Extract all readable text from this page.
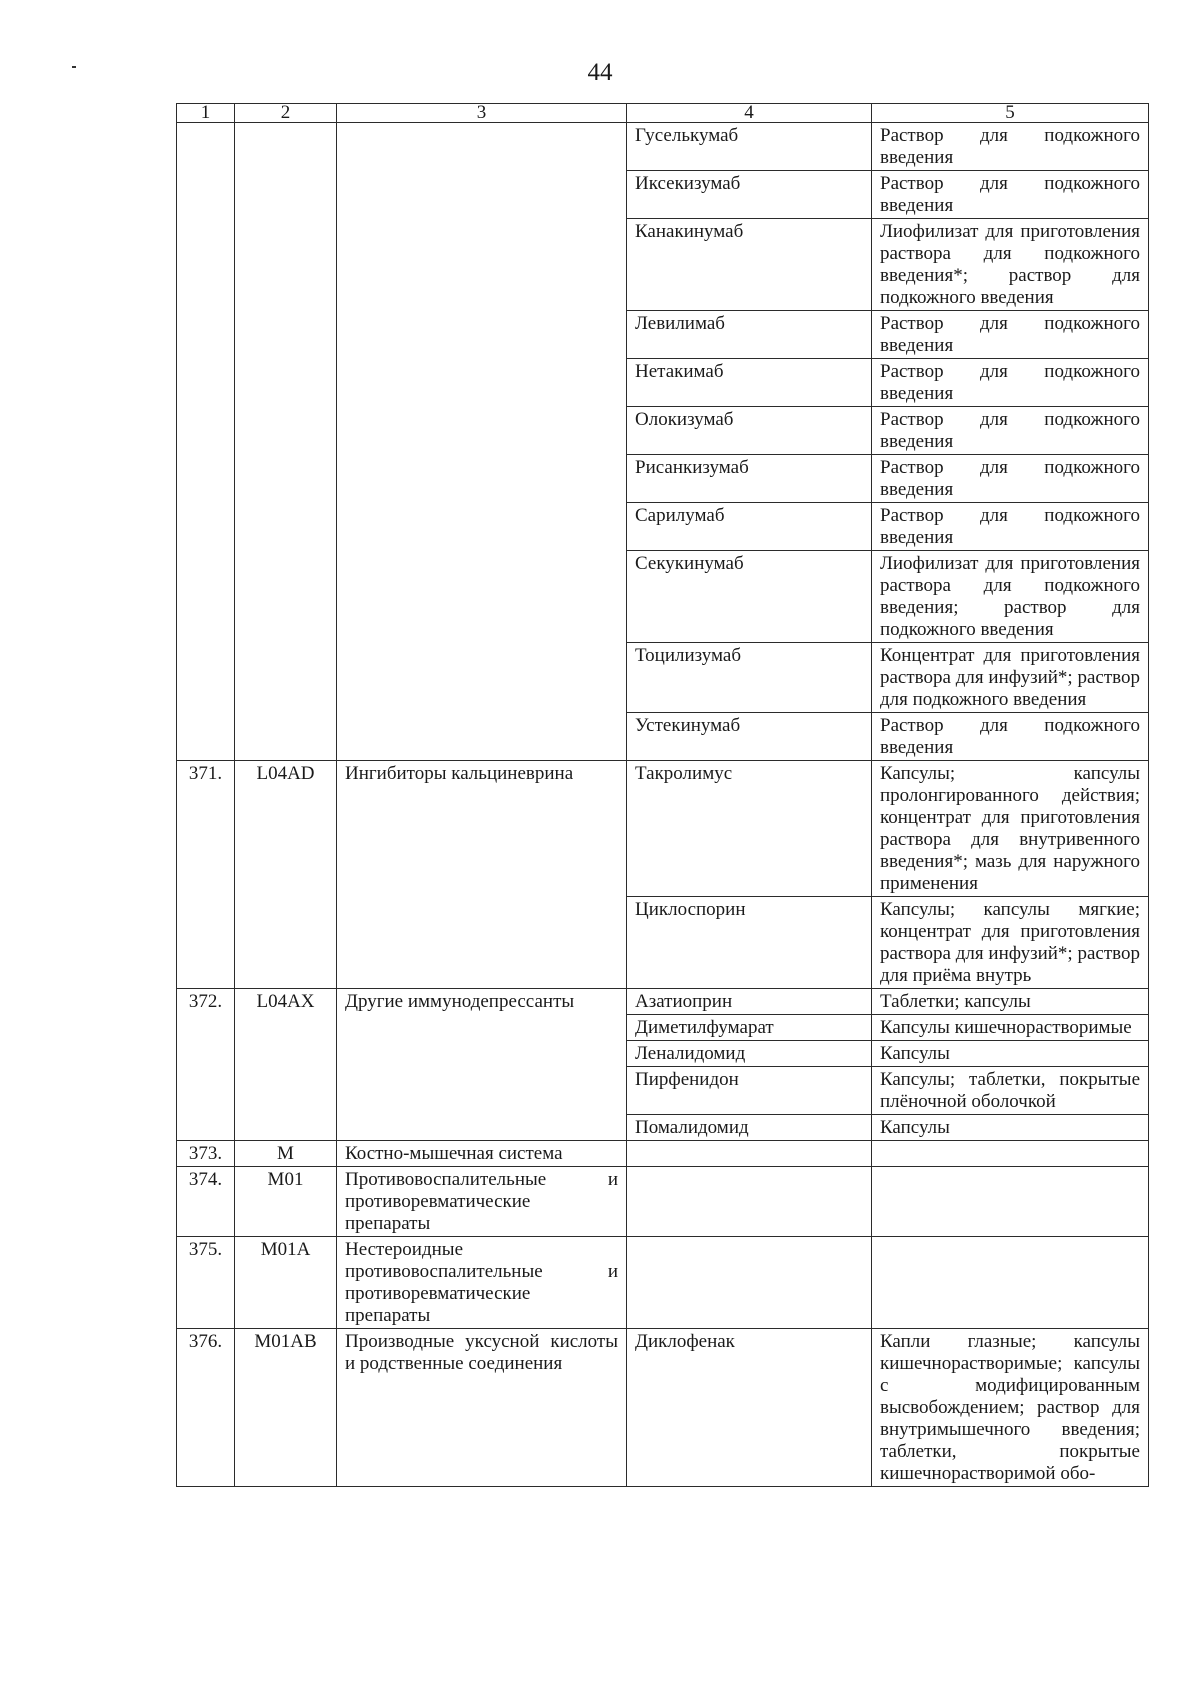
44
1	2	3	4	5
			Гуселькумаб	Раствор для подкожного введения
			Иксекизумаб	Раствор для подкожного введения
			Канакинумаб	Лиофилизат для приготовления раствора для подкожного введения*; раствор для подкожного введения
			Левилимаб	Раствор для подкожного введения
			Нетакимаб	Раствор для подкожного введения
			Олокизумаб	Раствор для подкожного введения
			Рисанкизумаб	Раствор для подкожного введения
			Сарилумаб	Раствор для подкожного введения
			Секукинумаб	Лиофилизат для приготовления раствора для подкожного введения; раствор для подкожного введения
			Тоцилизумаб	Концентрат для приготовления раствора для инфузий*; раствор для подкожного введения
			Устекинумаб	Раствор для подкожного введения
371.	L04AD	Ингибиторы кальциневрина	Такролимус	Капсулы; капсулы пролонгированного действия; концентрат для приготовления раствора для внутривенного введения*; мазь для наружного применения
			Циклоспорин	Капсулы; капсулы мягкие; концентрат для приготовления раствора для инфузий*; раствор для приёма внутрь
372.	L04AX	Другие иммунодепрессанты	Азатиоприн	Таблетки; капсулы
			Диметилфумарат	Капсулы кишечнорастворимые
			Леналидомид	Капсулы
			Пирфенидон	Капсулы; таблетки, покрытые плёночной оболочкой
			Помалидомид	Капсулы
373.	M	Костно-мышечная система		
374.	M01	Противовоспалительные и противоревматические препараты		
375.	M01A	Нестероидные противовоспалительные и противоревматические препараты		
376.	M01AB	Производные уксусной кислоты и родственные соединения	Диклофенак	Капли глазные; капсулы кишечнорастворимые; капсулы с модифицированным высвобождением; раствор для внутримышечного введения; таблетки, покрытые кишечнорастворимой обо-
